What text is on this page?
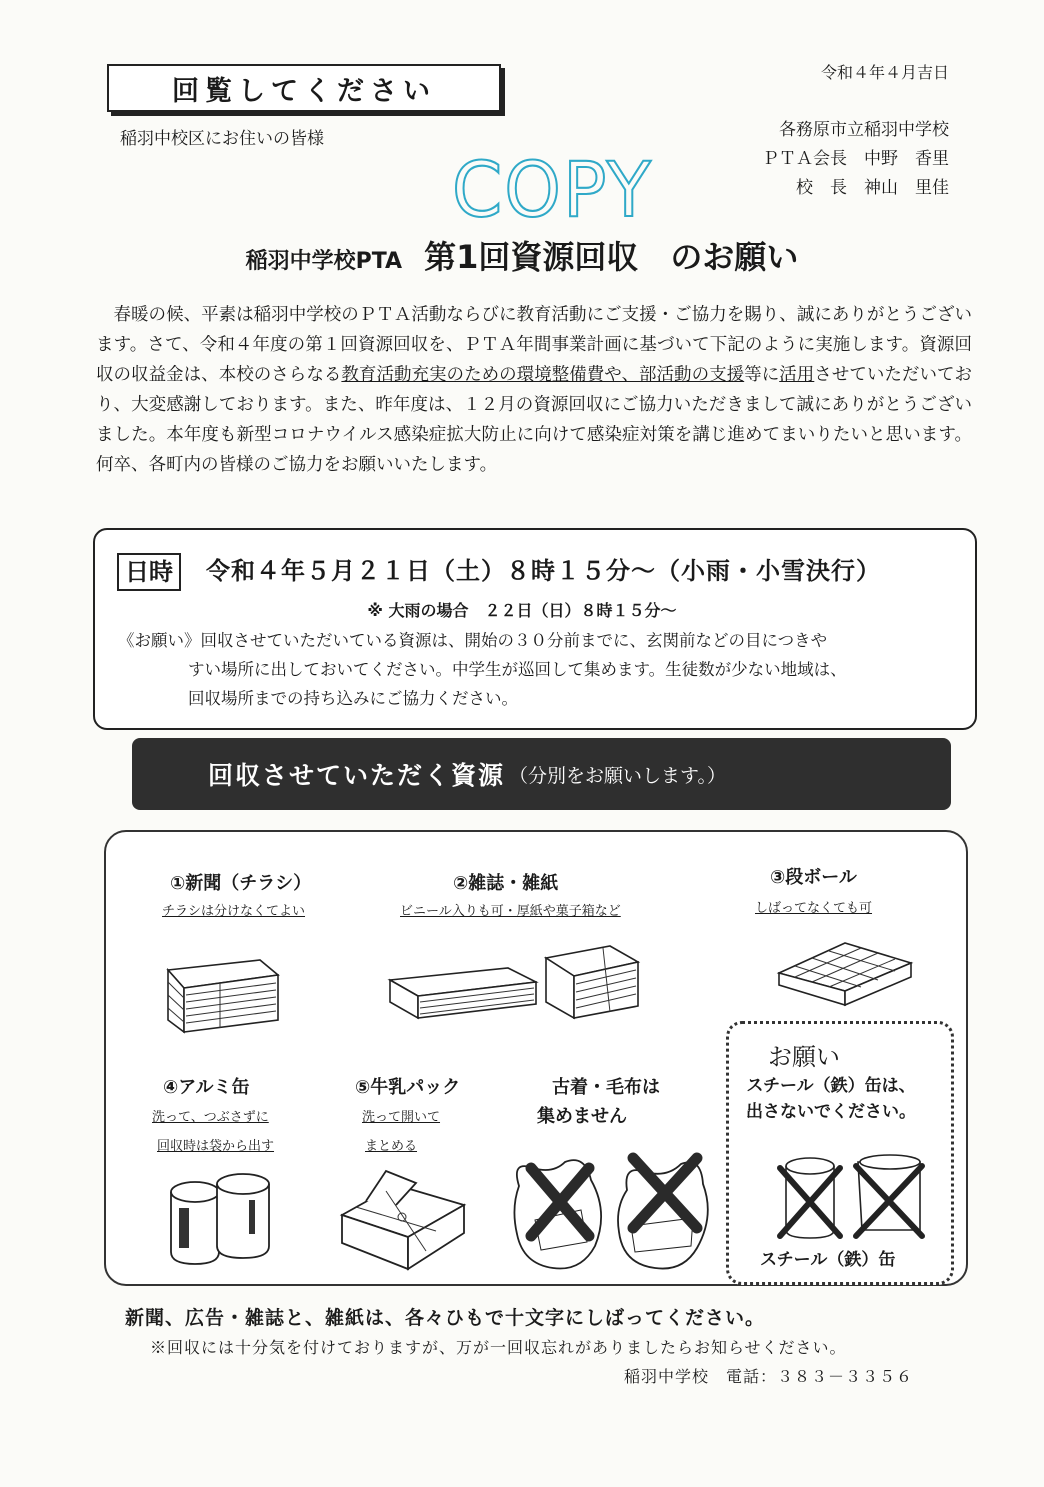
回覧してください
令和４年４月吉日
稲羽中校区にお住いの皆様	各務原市立稲羽中学校
ＰＴＡ会長　中野　香里
校　長　神山　里佳
COPY
稲羽中学校PTA 第1回資源回収　のお願い
　春暖の候、平素は稲羽中学校のＰＴＡ活動ならびに教育活動にご支援・ご協力を賜り、誠にありがとうございます。さて、令和４年度の第１回資源回収を、ＰＴＡ年間事業計画に基づいて下記のように実施します。資源回収の収益金は、本校のさらなる教育活動充実のための環境整備費や、部活動の支援等に活用させていただいており、大変感謝しております。また、昨年度は、１２月の資源回収にご協力いただきまして誠にありがとうございました。本年度も新型コロナウイルス感染症拡大防止に向けて感染症対策を講じ進めてまいりたいと思います。何卒、各町内の皆様のご協力をお願いいたします。
日時	令和４年５月２１日（土）８時１５分～（小雨・小雪決行）
※ 大雨の場合　２２日（日）８時１５分～
《お願い》回収させていただいている資源は、開始の３０分前までに、玄関前などの目につきや
すい場所に出しておいてください。中学生が巡回して集めます。生徒数が少ない地域は、
回収場所までの持ち込みにご協力ください。
回収させていただく資源 （分別をお願いします。）
①新聞（チラシ）
チラシは分けなくてよい
②雑誌・雑紙
ビニール入りも可・厚紙や菓子箱など
③段ボール
しばってなくても可
④アルミ缶
洗って、つぶさずに
回収時は袋から出す
⑤牛乳パック
洗って開いて
まとめる
古着・毛布は
集めません
お願い
スチール（鉄）缶は、
出さないでください。
スチール（鉄）缶
新聞、広告・雑誌と、雑紙は、各々ひもで十文字にしばってください。
※回収には十分気を付けておりますが、万が一回収忘れがありましたらお知らせください。
稲羽中学校　電話：３８３－３３５６
